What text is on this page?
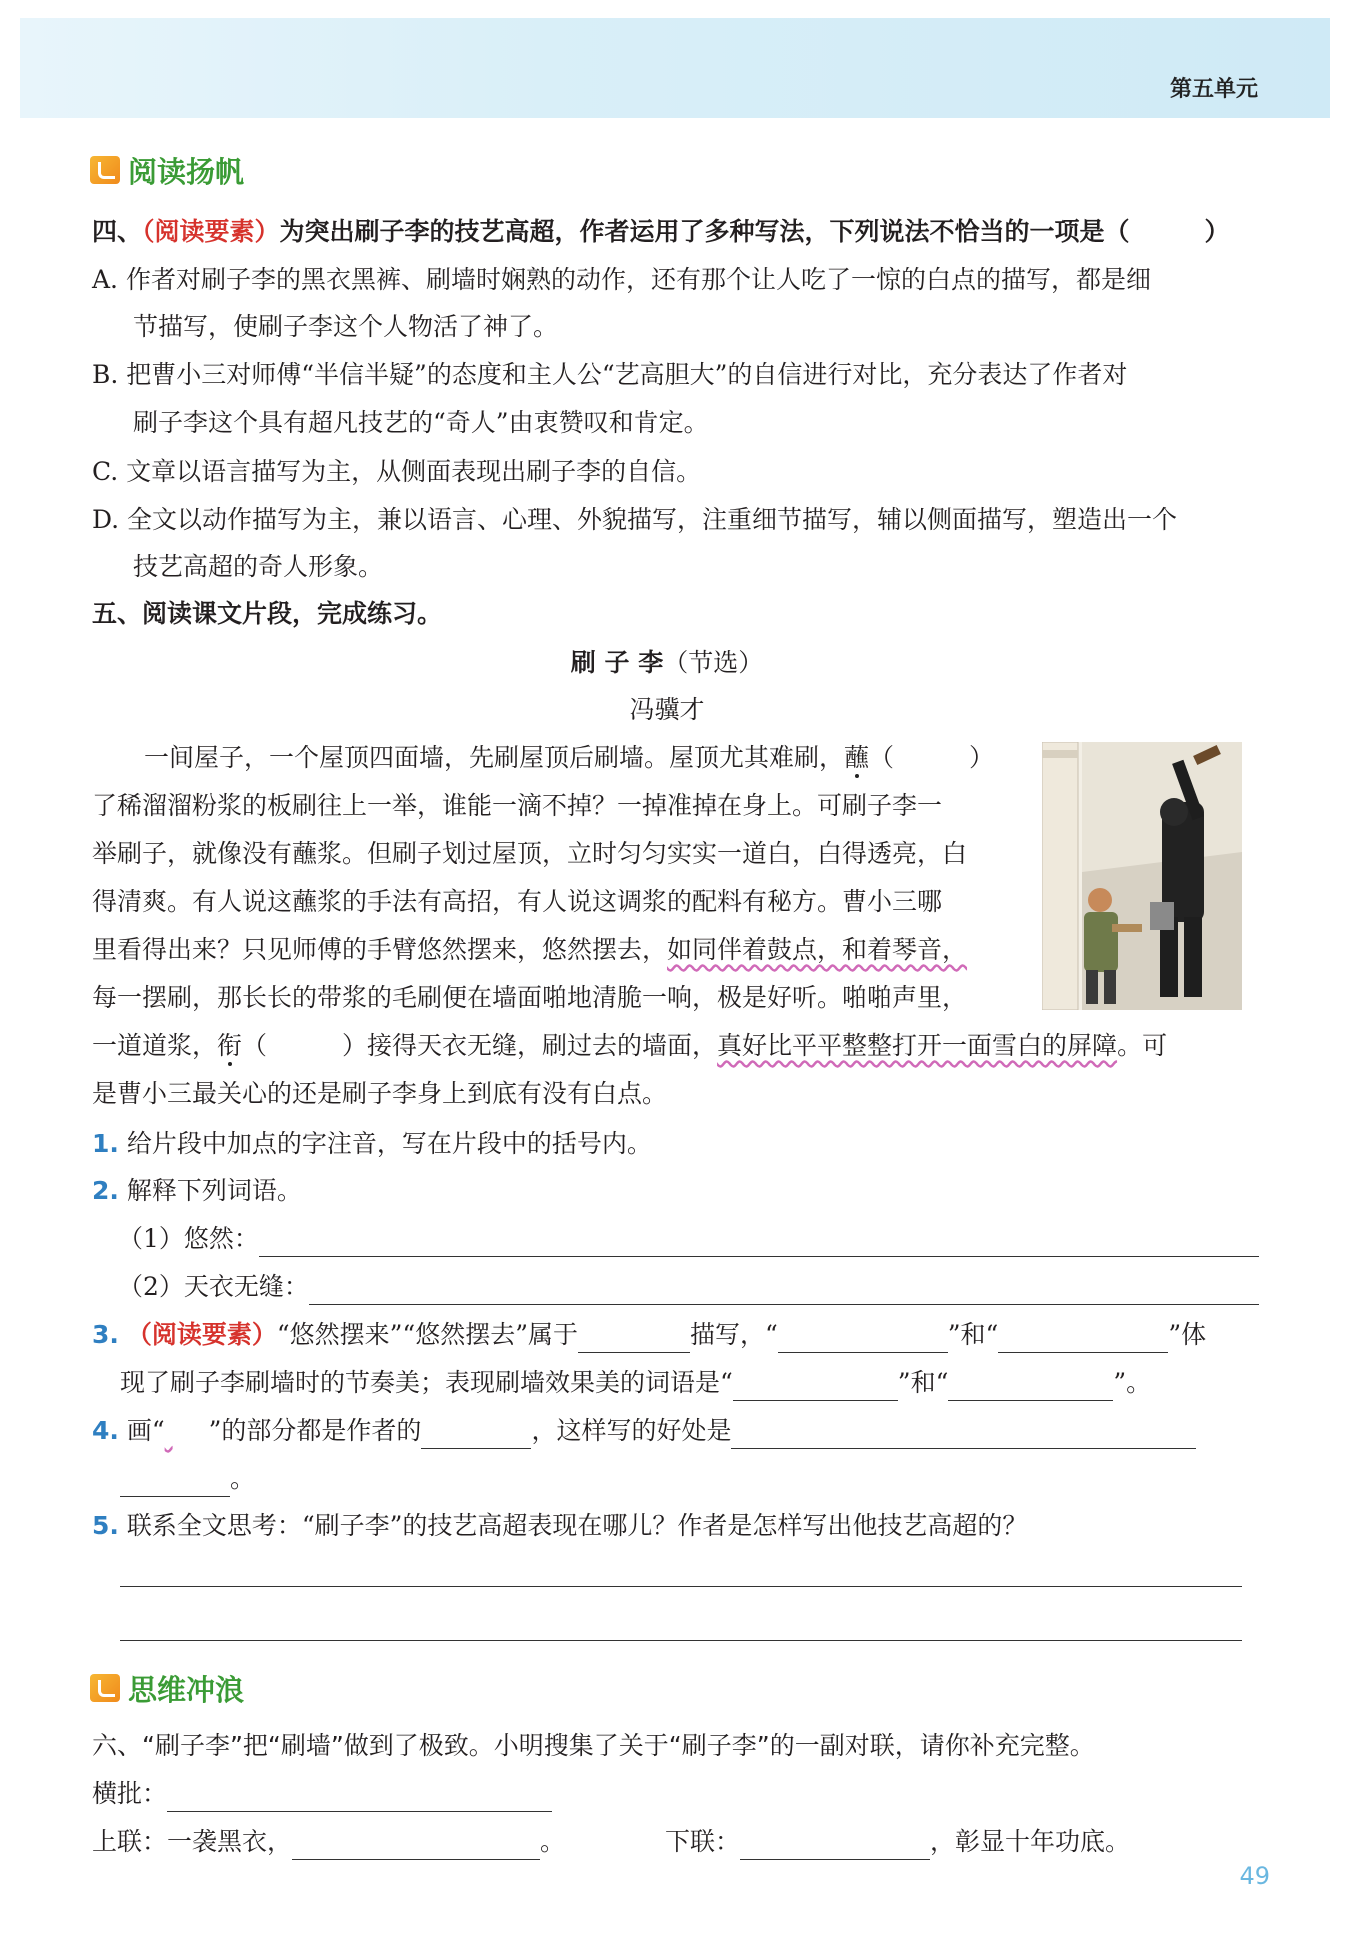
第五单元
阅读扬帆
四、（阅读要素）为突出刷子李的技艺高超，作者运用了多种写法，下列说法不恰当的一项是（　　　）
A. 作者对刷子李的黑衣黑裤、刷墙时娴熟的动作，还有那个让人吃了一惊的白点的描写，都是细
节描写，使刷子李这个人物活了神了。
B. 把曹小三对师傅“半信半疑”的态度和主人公“艺高胆大”的自信进行对比，充分表达了作者对
刷子李这个具有超凡技艺的“奇人”由衷赞叹和肯定。
C. 文章以语言描写为主，从侧面表现出刷子李的自信。
D. 全文以动作描写为主，兼以语言、心理、外貌描写，注重细节描写，辅以侧面描写，塑造出一个
技艺高超的奇人形象。
五、阅读课文片段，完成练习。
刷 子 李（节选）
冯骥才
一间屋子，一个屋顶四面墙，先刷屋顶后刷墙。屋顶尤其难刷，蘸（　　　）
了稀溜溜粉浆的板刷往上一举，谁能一滴不掉？一掉准掉在身上。可刷子李一
举刷子，就像没有蘸浆。但刷子划过屋顶，立时匀匀实实一道白，白得透亮，白
得清爽。有人说这蘸浆的手法有高招，有人说这调浆的配料有秘方。曹小三哪
里看得出来？只见师傅的手臂悠然摆来，悠然摆去，如同伴着鼓点，和着琴音，
每一摆刷，那长长的带浆的毛刷便在墙面啪地清脆一响，极是好听。啪啪声里，
一道道浆，衔（　　　）接得天衣无缝，刷过去的墙面，真好比平平整整打开一面雪白的屏障。可
是曹小三最关心的还是刷子李身上到底有没有白点。
1. 给片段中加点的字注音，写在片段中的括号内。
2. 解释下列词语。
（1）悠然：
（2）天衣无缝：
3. （阅读要素）“悠然摆来”“悠然摆去”属于	描写，“	”和“	”体
现了刷子李刷墙时的节奏美；表现刷墙效果美的词语是“	”和“	”。
4. 画“ ”的部分都是作者的	，这样写的好处是
。
5. 联系全文思考：“刷子李”的技艺高超表现在哪儿？作者是怎样写出他技艺高超的？
思维冲浪
六、“刷子李”把“刷墙”做到了极致。小明搜集了关于“刷子李”的一副对联，请你补充完整。
横批：
上联：一袭黑衣，	。	下联：	，彰显十年功底。
49
